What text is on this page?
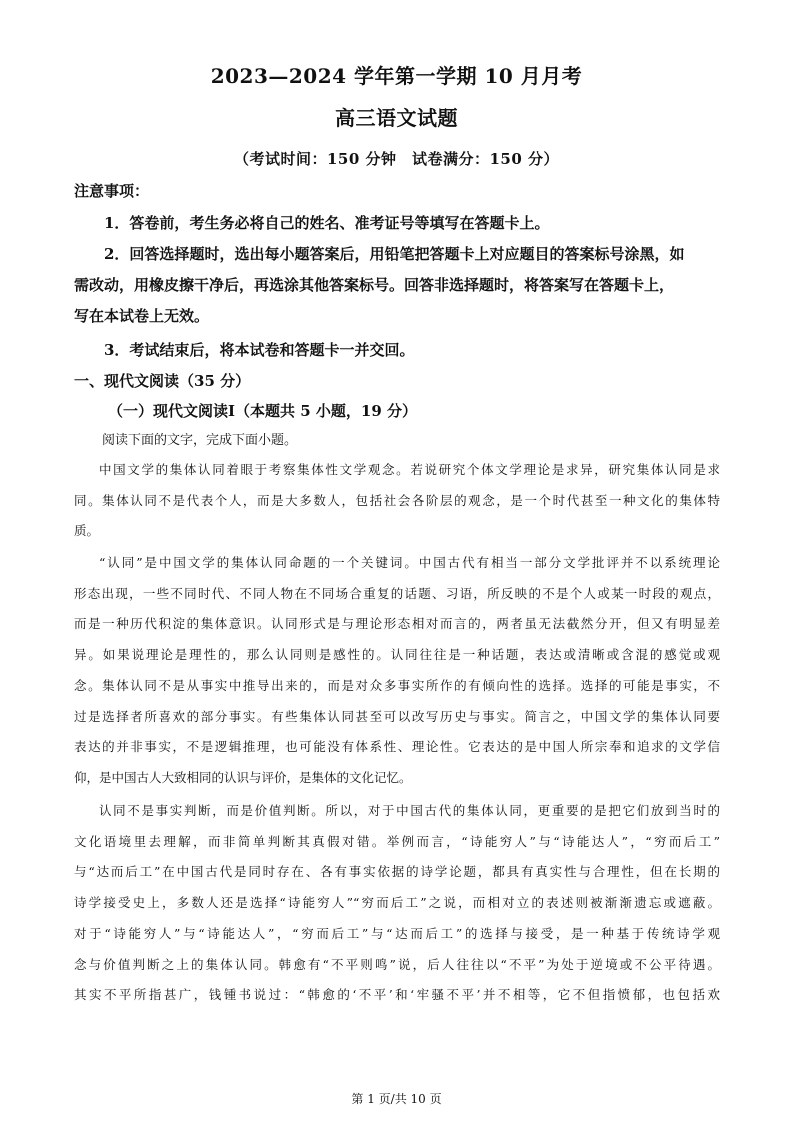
2023—2024 学年第一学期 10 月月考
高三语文试题
（考试时间：150 分钟　试卷满分：150 分）
注意事项：
1．答卷前，考生务必将自己的姓名、准考证号等填写在答题卡上。
2．回答选择题时，选出每小题答案后，用铅笔把答题卡上对应题目的答案标号涂黑，如
需改动，用橡皮擦干净后，再选涂其他答案标号。回答非选择题时，将答案写在答题卡上，
写在本试卷上无效。
3．考试结束后，将本试卷和答题卡一并交回。
一、现代文阅读（35 分）
（一）现代文阅读Ⅰ（本题共 5 小题，19 分）
阅读下面的文字，完成下面小题。
中国文学的集体认同着眼于考察集体性文学观念。若说研究个体文学理论是求异，研究集体认同是求
同。集体认同不是代表个人，而是大多数人，包括社会各阶层的观念，是一个时代甚至一种文化的集体特
质。
“认同”是中国文学的集体认同命题的一个关键词。中国古代有相当一部分文学批评并不以系统理论
形态出现，一些不同时代、不同人物在不同场合重复的话题、习语，所反映的不是个人或某一时段的观点，
而是一种历代积淀的集体意识。认同形式是与理论形态相对而言的，两者虽无法截然分开，但又有明显差
异。如果说理论是理性的，那么认同则是感性的。认同往往是一种话题，表达或清晰或含混的感觉或观
念。集体认同不是从事实中推导出来的，而是对众多事实所作的有倾向性的选择。选择的可能是事实，不
过是选择者所喜欢的部分事实。有些集体认同甚至可以改写历史与事实。简言之，中国文学的集体认同要
表达的并非事实，不是逻辑推理，也可能没有体系性、理论性。它表达的是中国人所宗奉和追求的文学信
仰，是中国古人大致相同的认识与评价，是集体的文化记忆。
认同不是事实判断，而是价值判断。所以，对于中国古代的集体认同，更重要的是把它们放到当时的
文化语境里去理解，而非简单判断其真假对错。举例而言，“诗能穷人”与“诗能达人”，“穷而后工”
与“达而后工”在中国古代是同时存在、各有事实依据的诗学论题，都具有真实性与合理性，但在长期的
诗学接受史上，多数人还是选择“诗能穷人”“穷而后工”之说，而相对立的表述则被渐渐遗忘或遮蔽。
对于“诗能穷人”与“诗能达人”，“穷而后工”与“达而后工”的选择与接受，是一种基于传统诗学观
念与价值判断之上的集体认同。韩愈有“不平则鸣”说，后人往往以“不平”为处于逆境或不公平待遇。
其实不平所指甚广，钱锺书说过：“韩愈的‘不平’和‘牢骚不平’并不相等，它不但指愤郁，也包括欢
第 1 页/共 10 页
